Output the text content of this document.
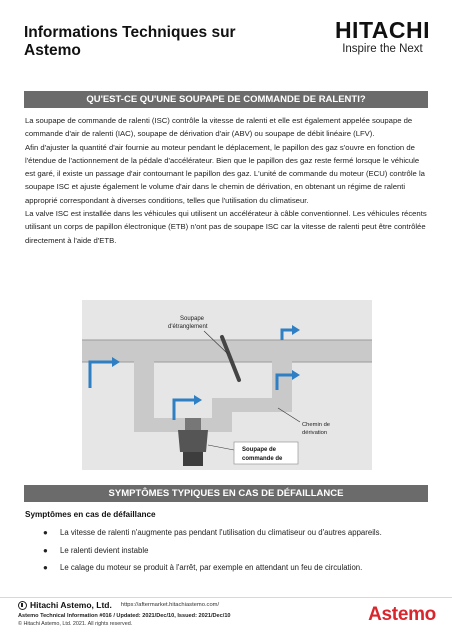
Informations Techniques sur Astemo
HITACHI
Inspire the Next
QU'EST-CE QU'UNE SOUPAPE DE COMMANDE DE RALENTI?

La soupape de commande de ralenti (ISC) contrôle la vitesse de ralenti et elle est également appelée soupape de commande d'air de ralenti (IAC), soupape de dérivation d'air (ABV) ou soupape de débit linéaire (LFV).

Afin d'ajuster la quantité d'air fournie au moteur pendant le déplacement, le papillon des gaz s'ouvre en fonction de l'étendue de l'actionnement de la pédale d'accélérateur. Bien que le papillon des gaz reste fermé lorsque le véhicule est garé, il existe un passage d'air contournant le papillon des gaz. L'unité de commande du moteur (ECU) contrôle la soupape ISC et ajuste également le volume d'air dans le chemin de dérivation, en obtenant un régime de ralenti approprié correspondant à diverses conditions, telles que l'utilisation du climatiseur.

La valve ISC est installée dans les véhicules qui utilisent un accélérateur à câble conventionnel. Les véhicules récents utilisant un corps de papillon électronique (ETB) n'ont pas de soupape ISC car la vitesse de ralenti peut être contrôlée directement à l'aide d'ETB.

Soupape
d'étranglement
Chemin de
dérivation
Soupape de
commande de
SYMPTÔMES TYPIQUES EN CAS DE DÉFAILLANCE
Symptômes en cas de défaillance
● La vitesse de ralenti n'augmente pas pendant l'utilisation du climatiseur ou d'autres appareils.
● Le ralenti devient instable
● Le calage du moteur se produit à l'arrêt, par exemple en attendant un feu de circulation.
Hitachi Astemo, Ltd. https://aftermarket.hitachiastemo.com/
Astemo Technical Information #016 / Updated: 2021/Dec/10, Issued: 2021/Dec/10
© Hitachi Astemo, Ltd. 2021. All rights reserved.	Astemo
